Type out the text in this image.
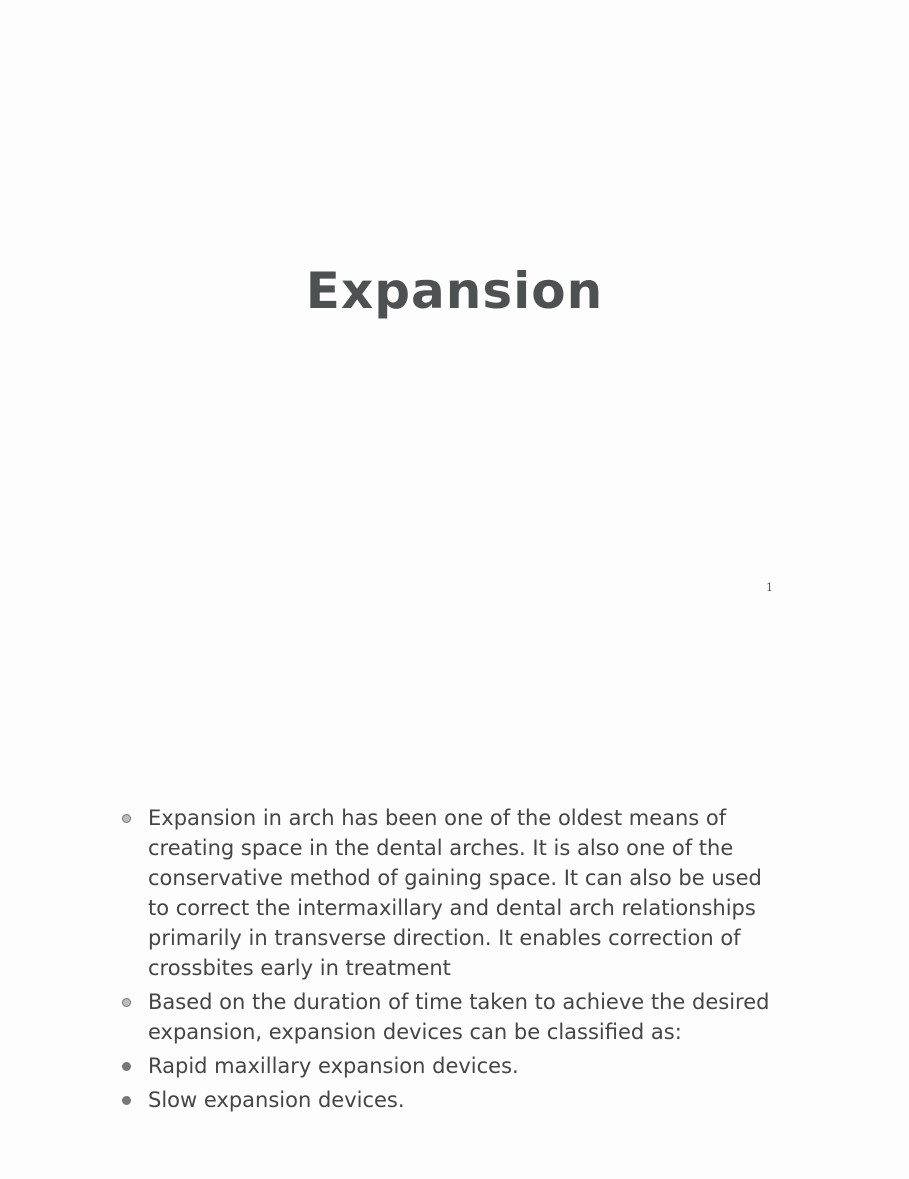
Expansion
1
Expansion in arch has been one of the oldest means of creating space in the dental arches. It is also one of the conservative method of gaining space. It can also be used to correct the intermaxillary and dental arch relationships primarily in transverse direction. It enables correction of crossbites early in treatment
Based on the duration of time taken to achieve the desired expansion, expansion devices can be classified as:
Rapid maxillary expansion devices.
Slow expansion devices.
